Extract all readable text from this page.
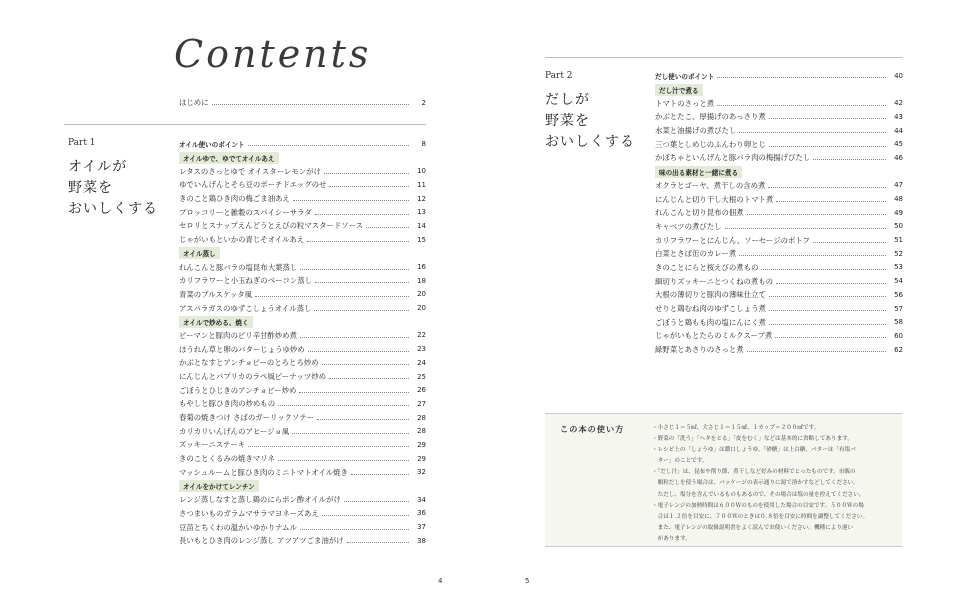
Contents
はじめに	2
Part 1
オイルが
野菜を
おいしくする
オイル使いのポイント	8
オイルゆで、ゆでてオイルあえ
レタスのさっとゆで オイスターレモンがけ	10
ゆでいんげんとそら豆のポーチドエッグのせ	11
きのこと鶏ひき肉の梅ごま油あえ	12
ブロッコリーと雑穀のスパイシーサラダ	13
セロリとスナップえんどうとえびの粒マスタードソース	14
じゃがいもといかの青じそオイルあえ	15
オイル蒸し
れんこんと豚バラの塩昆布大葉蒸し	16
カリフラワーと小玉ねぎのベーコン蒸し	18
青菜のブルスケッタ風	20
アスパラガスのゆずこしょうオイル蒸し	20
オイルで炒める、焼く
ピーマンと豚肉のピリ辛甘酢炒め煮	22
ほうれん草と卵のバターじょうゆ炒め	23
かぶとなすとアンチョビーのとろとろ炒め	24
にんじんとパプリカのラペ風ピーナッツ炒め	25
ごぼうとひじきのアンチョビー炒め	26
もやしと豚ひき肉の炒めもの	27
春菊の焼きつけ さばのガーリックソテー	28
カリカリいんげんのアヒージョ風	28
ズッキーニステーキ	29
きのことくるみの焼きマリネ	29
マッシュルームと豚ひき肉のミニトマトオイル焼き	32
オイルをかけてレンチン
レンジ蒸しなすと蒸し鶏のにらポン酢オイルがけ	34
さつまいものガラムマサラマヨネーズあえ	36
豆苗とちくわの温かいゆかりナムル	37
長いもとひき肉のレンジ蒸し アツアツごま油がけ	38
4
Part 2
だしが
野菜を
おいしくする
だし使いのポイント	40
だし汁で煮る
トマトのさっと煮	42
かぶとたこ、厚揚げのあっさり煮	43
水菜と油揚げの煮びたし	44
三つ葉としめじのふんわり卵とじ	45
かぼちゃといんげんと豚バラ肉の梅揚げびたし	46
味の出る素材と一緒に煮る
オクラとゴーヤ、煮干しの含め煮	47
にんじんと切り干し大根のトマト煮	48
れんこんと切り昆布の佃煮	49
キャベツの煮びたし	50
カリフラワーとにんじん、ソーセージのポトフ	51
白菜とさば缶のカレー煮	52
きのことにらと桜えびの煮もの	53
細切りズッキーニとつくねの煮もの	54
大根の薄切りと豚肉の薄味仕立て	56
せりと鶏むね肉のゆずこしょう煮	57
ごぼうと鶏もも肉の塩にんにく煮	58
じゃがいもとたらのミルクスープ煮	60
緑野菜とあさりのさっと煮	62
この本の使い方	・小さじ１＝５㎖、大さじ１＝１５㎖、１カップ＝２００㎖です。
・野菜の「洗う」「ヘタをとる」「皮をむく」などは基本的に省略してあります。
・レシピ上の「しょうゆ」は濃口しょうゆ、「砂糖」は上白糖、バターは「有塩バ
　ター」のことです。
・「だし汁」は、昆布や削り節、煮干しなど好みの材料でとったものです。市販の
　顆粒だしを使う場合は、パッケージの表示通りに湯で溶かすなどしてください。
　ただし、塩分を含んでいるものもあるので、その場合は塩の量を控えてください。
・電子レンジの加熱時間は６００Ｗのものを使用した場合の目安です。５００Ｗの場
　合は１.２倍を目安に、７００Ｗのときは０.８倍を目安に時間を調整してください。
　また、電子レンジの取扱説明書をよく読んでお使いください。機種により違い
　があります。
5
